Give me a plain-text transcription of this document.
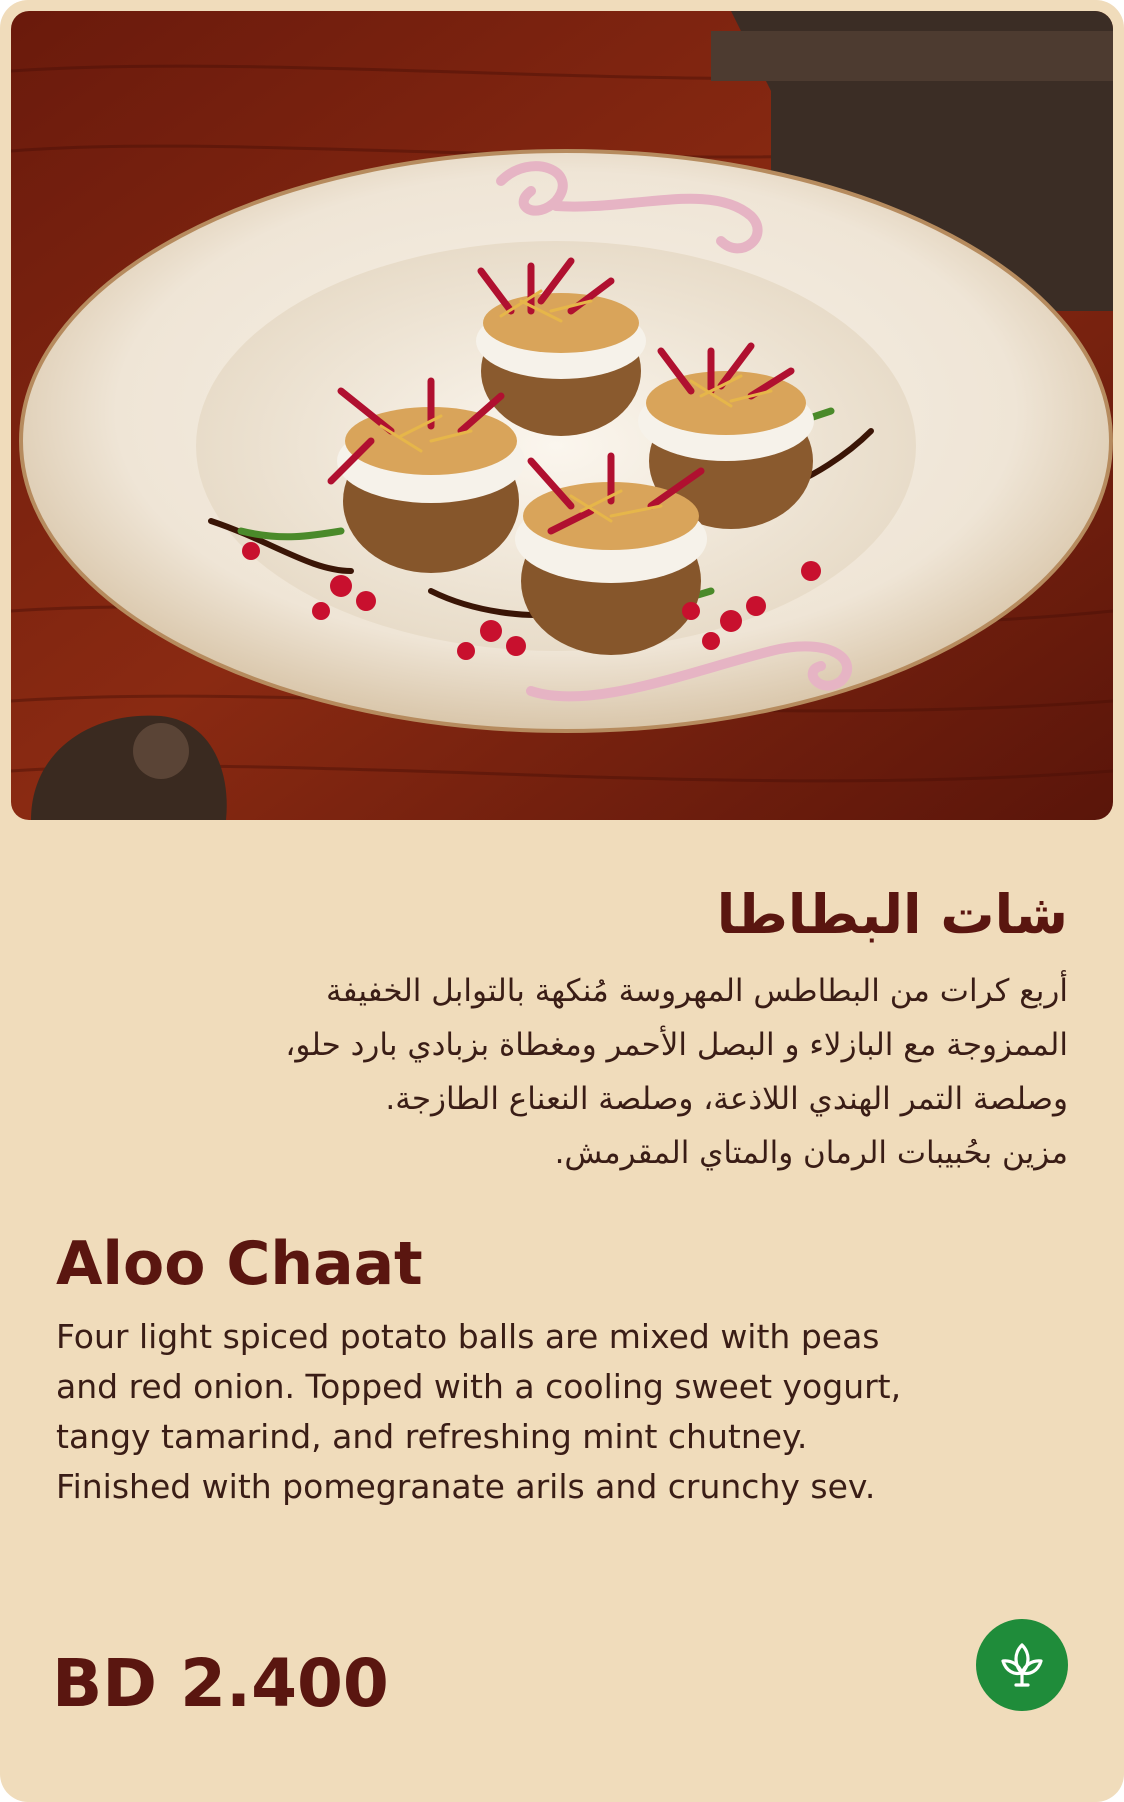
شات البطاطا

أربع كرات من البطاطس المهروسة مُنكهة بالتوابل الخفيفة
الممزوجة مع البازلاء و البصل الأحمر ومغطاة بزبادي بارد حلو،
وصلصة التمر الهندي اللاذعة، وصلصة النعناع الطازجة.
مزين بحُبيبات الرمان والمتاي المقرمش.

Aloo Chaat

Four light spiced potato balls are mixed with peas
and red onion. Topped with a cooling sweet yogurt,
tangy tamarind, and refreshing mint chutney.
Finished with pomegranate arils and crunchy sev.

BD 2.400
